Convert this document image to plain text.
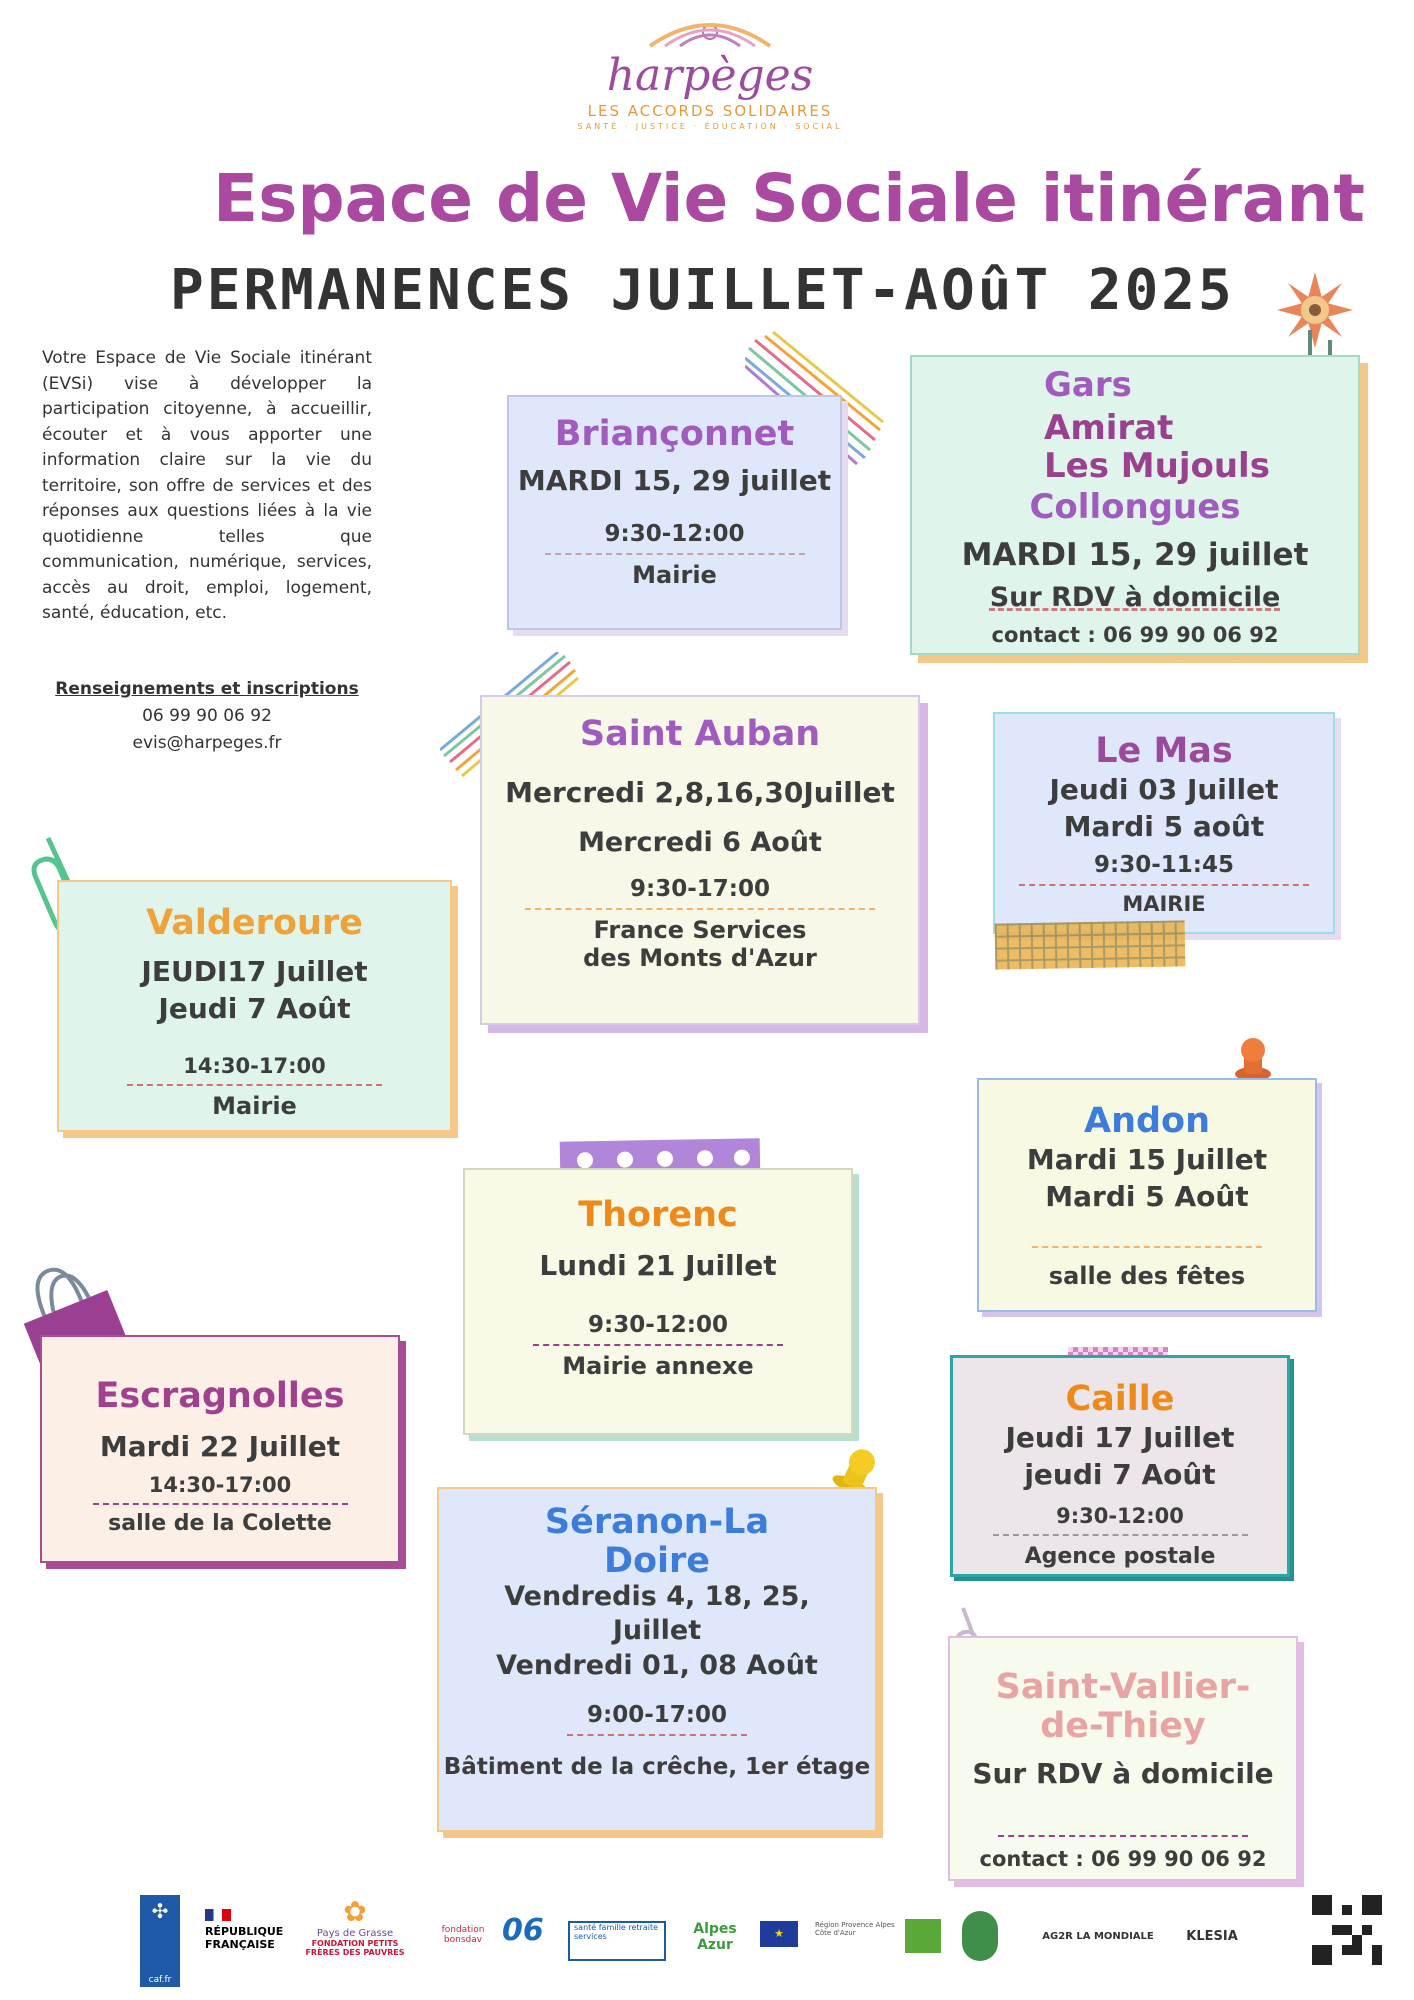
harpèges
LES ACCORDS SOLIDAIRES
SANTÉ · JUSTICE · ÉDUCATION · SOCIAL
Espace de Vie Sociale itinérant
PERMANENCES JUILLET-AOûT 2025
Votre Espace de Vie Sociale itinérant (EVSi) vise à développer la participation citoyenne, à accueillir, écouter et à vous apporter une information claire sur la vie du territoire, son offre de services et des réponses aux questions liées à la vie quotidienne telles que communication, numérique, services, accès au droit, emploi, logement, santé, éducation, etc.
Renseignements et inscriptions
06 99 90 06 92
evis@harpeges.fr
Briançonnet
MARDI 15, 29 juillet
9:30-12:00
Mairie
Gars
Amirat
Les Mujouls
Collongues
MARDI 15, 29 juillet
Sur RDV à domicile
contact : 06 99 90 06 92
Saint Auban
Mercredi 2,8,16,30Juillet
Mercredi 6 Août
9:30-17:00
France Services
des Monts d'Azur
Le Mas
Jeudi 03 Juillet
Mardi 5 août
9:30-11:45
MAIRIE
Valderoure
JEUDI17 Juillet
Jeudi 7 Août
14:30-17:00
Mairie	Andon
Mardi 15 Juillet
Mardi 5 Août
salle des fêtes
Thorenc
Lundi 21 Juillet
9:30-12:00
Mairie annexe
Escragnolles
Mardi 22 Juillet
14:30-17:00
salle de la Colette
Caille
Jeudi 17 Juillet
jeudi 7 Août
9:30-12:00
Agence postale
Séranon-La
Doire
Vendredis 4, 18, 25,
Juillet
Vendredi 01, 08 Août
9:00-17:00
Bâtiment de la crêche, 1er étage
Saint-Vallier-
de-Thiey
Sur RDV à domicile
contact : 06 99 90 06 92
✣
caf.fr
RÉPUBLIQUE FRANÇAISE
✿
Pays de Grasse
FONDATION PETITS FRÈRES DES PAUVRES
fondation bonsdav 06	santé famille retraite services	Alpes Azur
★
Région Provence Alpes Côte d'Azur	AG2R LA MONDIALE	KLESIA
